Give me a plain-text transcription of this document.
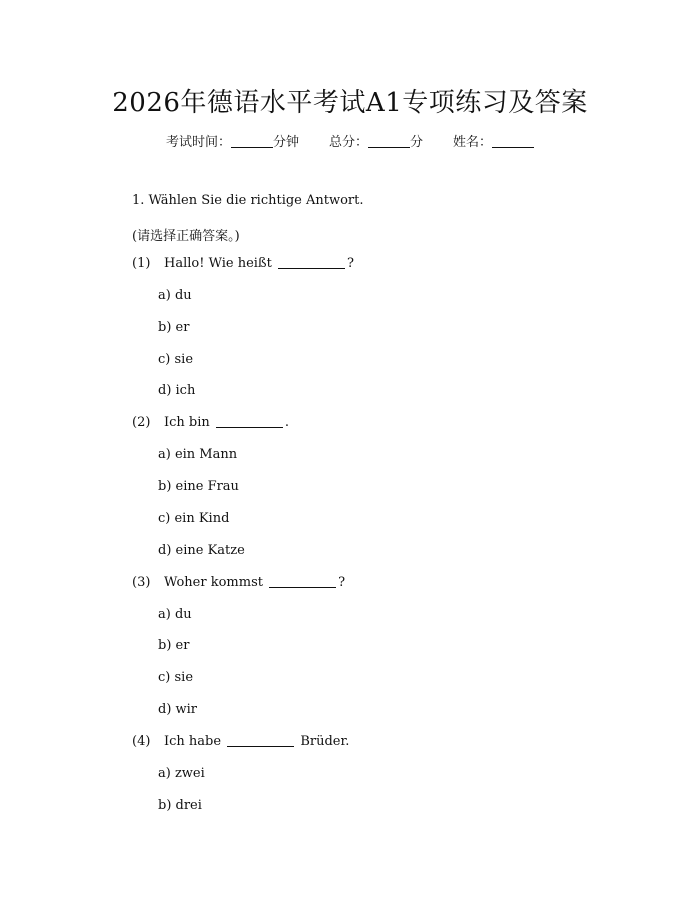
2026年德语水平考试A1专项练习及答案
考试时间：	分钟 总分：	分 姓名：
1. Wählen Sie die richtige Antwort.
(请选择正确答案。)
(1) Hallo! Wie heißt	?
a) du
b) er
c) sie
d) ich
(2) Ich bin	.
a) ein Mann
b) eine Frau
c) ein Kind
d) eine Katze
(3) Woher kommst	?
a) du
b) er
c) sie
d) wir
(4) Ich habe	Brüder.
a) zwei
b) drei
